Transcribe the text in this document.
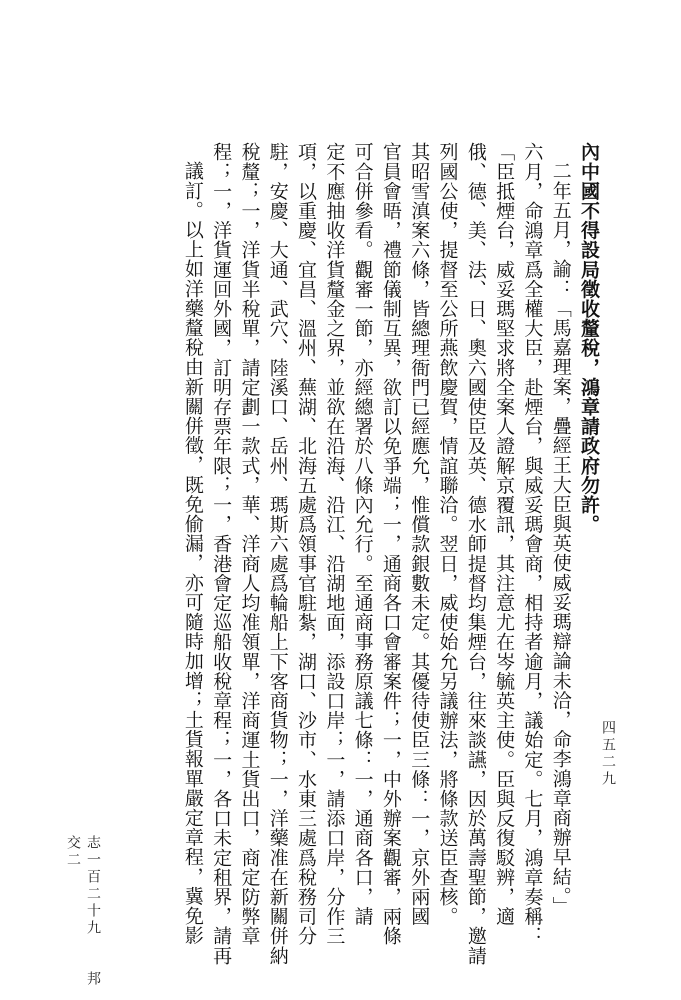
內中國不得設局徵收釐稅，鴻章請政府勿許。
二年五月，諭：「馬嘉理案，疊經王大臣與英使威妥瑪辯論未洽，命李鴻章商辦早結。」
六月，命鴻章爲全權大臣，赴煙台，與威妥瑪會商，相持者逾月，議始定。七月，鴻章奏稱：
「臣抵煙台，威妥瑪堅求將全案人證解京覆訊，其注意尤在岑毓英主使。臣與反復駁辨，適
俄、德、美、法、日、奧六國使臣及英、德水師提督均集煙台，往來談讌，因於萬壽聖節，邀請
列國公使，提督至公所燕飲慶賀，情誼聯洽。翌日，威使始允另議辦法，將條款送臣查核。
其昭雪滇案六條，皆總理衙門已經應允，惟償款銀數未定。其優待使臣三條：一，京外兩國
官員會晤，禮節儀制互異，欲訂以免爭端；一，通商各口會審案件；一，中外辦案觀審，兩條
可合併參看。觀審一節，亦經總署於八條內允行。至通商事務原議七條：一，通商各口，請
定不應抽收洋貨釐金之界，並欲在沿海、沿江、沿湖地面，添設口岸；一，請添口岸，分作三
項，以重慶、宜昌、溫州、蕪湖、北海五處爲領事官駐紮，湖口、沙市、水東三處爲稅務司分
駐，安慶、大通、武穴、陸溪口、岳州、瑪斯六處爲輪船上下客商貨物；一，洋藥准在新關併納
稅釐；一，洋貨半稅單，請定劃一款式，華、洋商人均准領單，洋商運土貨出口，商定防弊章
程；一，洋貨運回外國，訂明存票年限；一，香港會定巡船收稅章程；一，各口未定租界，請再
議訂。以上如洋藥釐稅由新關併徵，既免偷漏，亦可隨時加增；土貨報單嚴定章程，冀免影
志一百二十九　　邦交二
四五二九
